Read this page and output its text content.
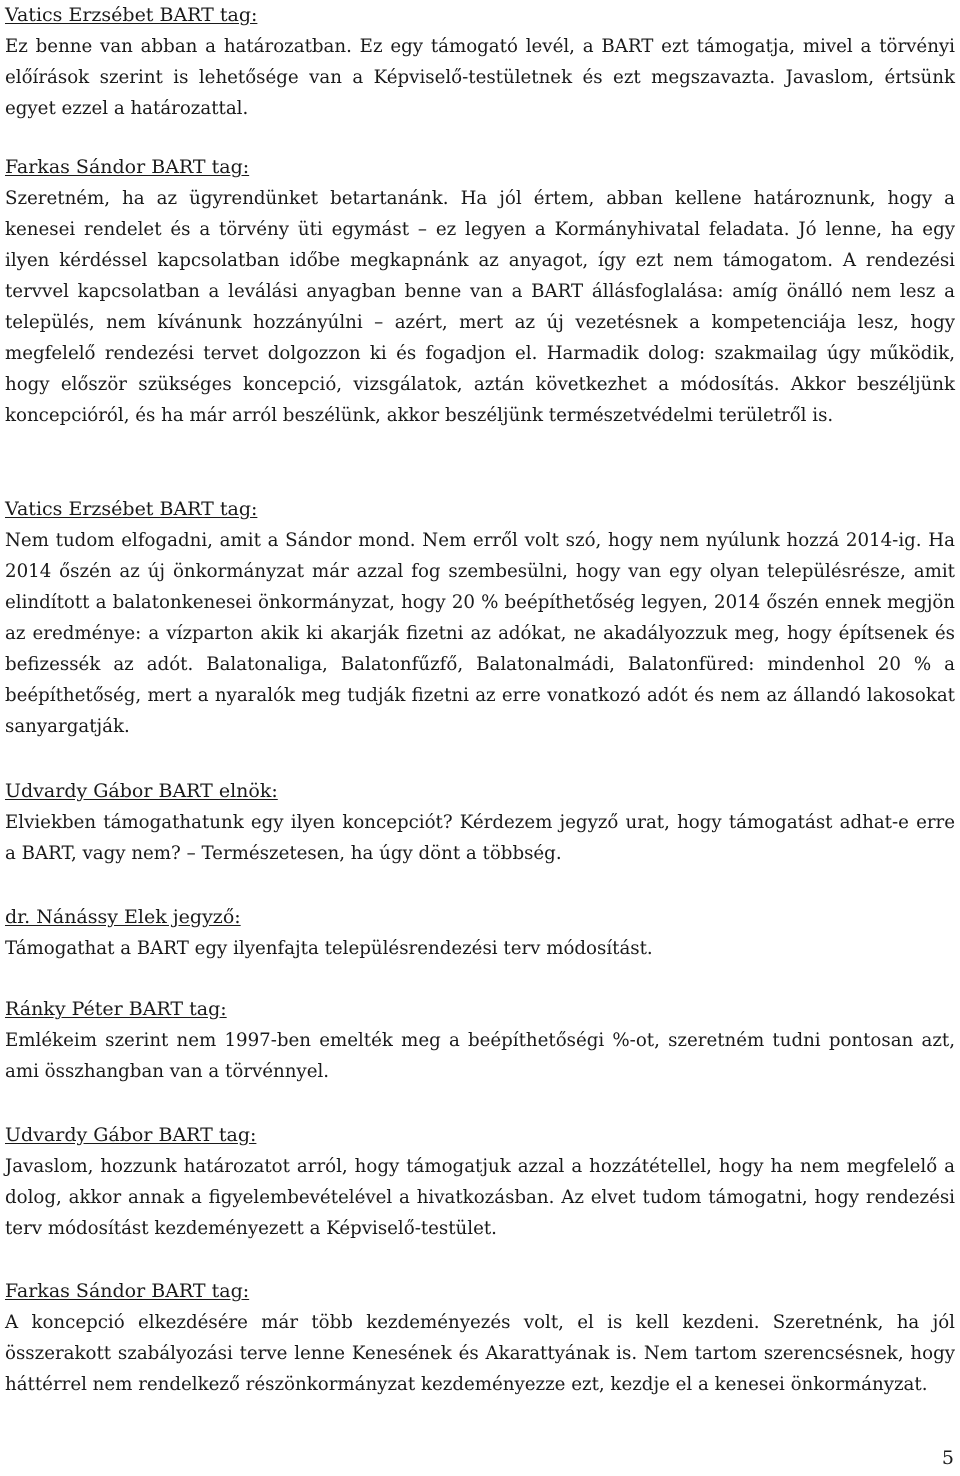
Vatics Erzsébet BART tag:

Ez benne van abban a határozatban. Ez egy támogató levél, a BART ezt támogatja, mivel a törvényi előírások szerint is lehetősége van a Képviselő-testületnek és ezt megszavazta. Javaslom, értsünk egyet ezzel a határozattal.

Farkas Sándor BART tag:

Szeretném, ha az ügyrendünket betartanánk. Ha jól értem, abban kellene határoznunk, hogy a kenesei rendelet és a törvény üti egymást – ez legyen a Kormányhivatal feladata. Jó lenne, ha egy ilyen kérdéssel kapcsolatban időbe megkapnánk az anyagot, így ezt nem támogatom. A rendezési tervvel kapcsolatban a leválási anyagban benne van a BART állásfoglalása: amíg önálló nem lesz a település, nem kívánunk hozzányúlni – azért, mert az új vezetésnek a kompetenciája lesz, hogy megfelelő rendezési tervet dolgozzon ki és fogadjon el. Harmadik dolog: szakmailag úgy működik, hogy először szükséges koncepció, vizsgálatok, aztán következhet a módosítás. Akkor beszéljünk koncepcióról, és ha már arról beszélünk, akkor beszéljünk természetvédelmi területről is.

Vatics Erzsébet BART tag:

Nem tudom elfogadni, amit a Sándor mond. Nem erről volt szó, hogy nem nyúlunk hozzá 2014-ig. Ha 2014 őszén az új önkormányzat már azzal fog szembesülni, hogy van egy olyan településrésze, amit elindított a balatonkenesei önkormányzat, hogy 20 % beépíthetőség legyen, 2014 őszén ennek megjön az eredménye: a vízparton akik ki akarják fizetni az adókat, ne akadályozzuk meg, hogy építsenek és befizessék az adót. Balatonaliga, Balatonfűzfő, Balatonalmádi, Balatonfüred: mindenhol 20 % a beépíthetőség, mert a nyaralók meg tudják fizetni az erre vonatkozó adót és nem az állandó lakosokat sanyargatják.

Udvardy Gábor BART elnök:

Elviekben támogathatunk egy ilyen koncepciót? Kérdezem jegyző urat, hogy támogatást adhat-e erre a BART, vagy nem? – Természetesen, ha úgy dönt a többség.

dr. Nánássy Elek jegyző:

Támogathat a BART egy ilyenfajta településrendezési terv módosítást.

Ránky Péter BART tag:

Emlékeim szerint nem 1997-ben emelték meg a beépíthetőségi %-ot, szeretném tudni pontosan azt, ami összhangban van a törvénnyel.

Udvardy Gábor BART tag:

Javaslom, hozzunk határozatot arról, hogy támogatjuk azzal a hozzátétellel, hogy ha nem megfelelő a dolog, akkor annak a figyelembevételével a hivatkozásban. Az elvet tudom támogatni, hogy rendezési terv módosítást kezdeményezett a Képviselő-testület.

Farkas Sándor BART tag:

A koncepció elkezdésére már több kezdeményezés volt, el is kell kezdeni. Szeretnénk, ha jól összerakott szabályozási terve lenne Kenesének és Akarattyának is. Nem tartom szerencsésnek, hogy háttérrel nem rendelkező részönkormányzat kezdeményezze ezt, kezdje el a kenesei önkormányzat.

5
